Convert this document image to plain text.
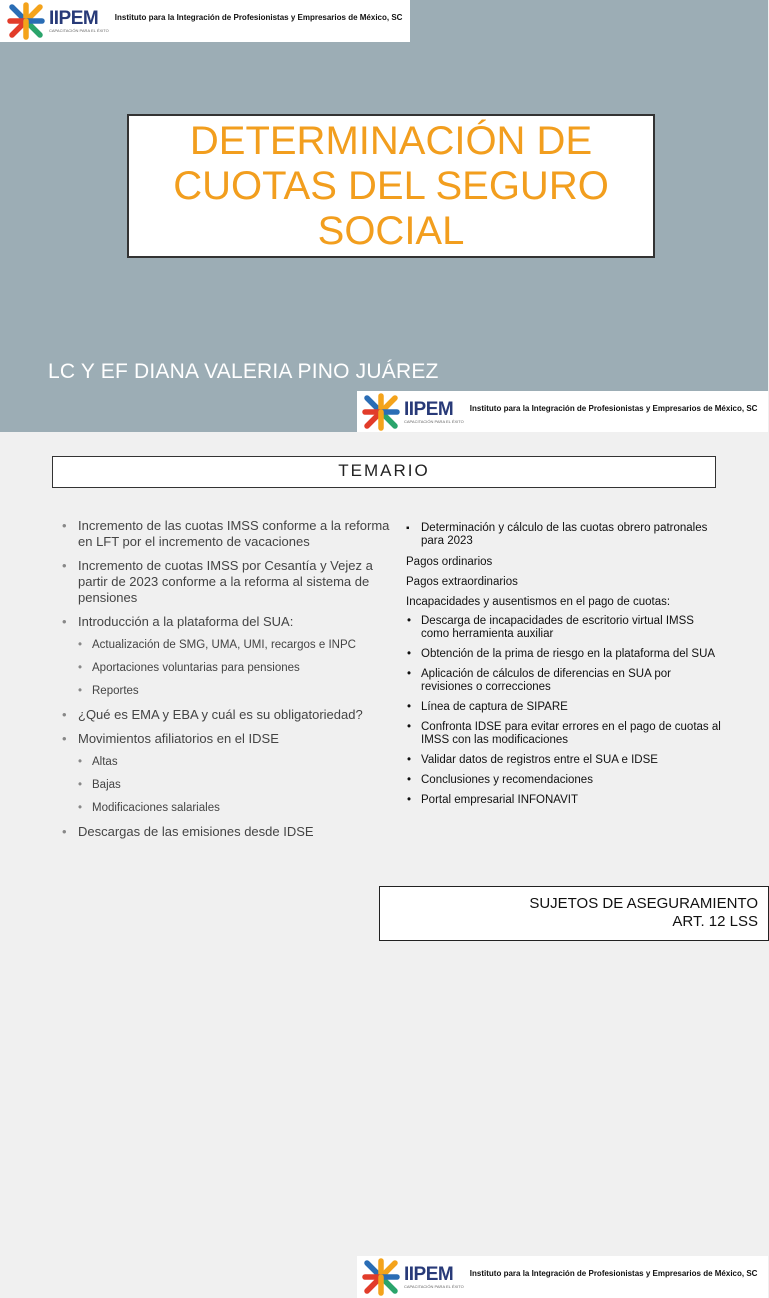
IIPEM
CAPACITACIÓN PARA EL ÉXITO
Instituto para la Integración de Profesionistas y Empresarios de México, SC
DETERMINACIÓN DE
CUOTAS DEL SEGURO
SOCIAL
LC Y EF DIANA VALERIA PINO JUÁREZ
IIPEM
CAPACITACIÓN PARA EL ÉXITO
Instituto para la Integración de Profesionistas y Empresarios de México, SC
TEMARIO
• Incremento de las cuotas IMSS conforme a la reforma en LFT por el incremento de vacaciones
• Incremento de cuotas IMSS por Cesantía y Vejez a partir de 2023 conforme a la reforma al sistema de pensiones
• Introducción a la plataforma del SUA:
• Actualización de SMG, UMA, UMI, recargos e INPC
• Aportaciones voluntarias para pensiones
• Reportes
• ¿Qué es EMA y EBA y cuál es su obligatoriedad?
• Movimientos afiliatorios en el IDSE
• Altas
• Bajas
• Modificaciones salariales
• Descargas de las emisiones desde IDSE
▪ Determinación y cálculo de las cuotas obrero patronales para 2023
Pagos ordinarios
Pagos extraordinarios
Incapacidades y ausentismos en el pago de cuotas:
• Descarga de incapacidades de escritorio virtual IMSS como herramienta auxiliar
• Obtención de la prima de riesgo en la plataforma del SUA
• Aplicación de cálculos de diferencias en SUA por revisiones o correcciones
• Línea de captura de SIPARE
• Confronta IDSE para evitar errores en el pago de cuotas al IMSS con las modificaciones
• Validar datos de registros entre el SUA e IDSE
• Conclusiones y recomendaciones
• Portal empresarial INFONAVIT
IIPEM
CAPACITACIÓN PARA EL ÉXITO
Instituto para la Integración de Profesionistas y Empresarios de México, SC
SUJETOS DE ASEGURAMIENTO
ART. 12 LSS
